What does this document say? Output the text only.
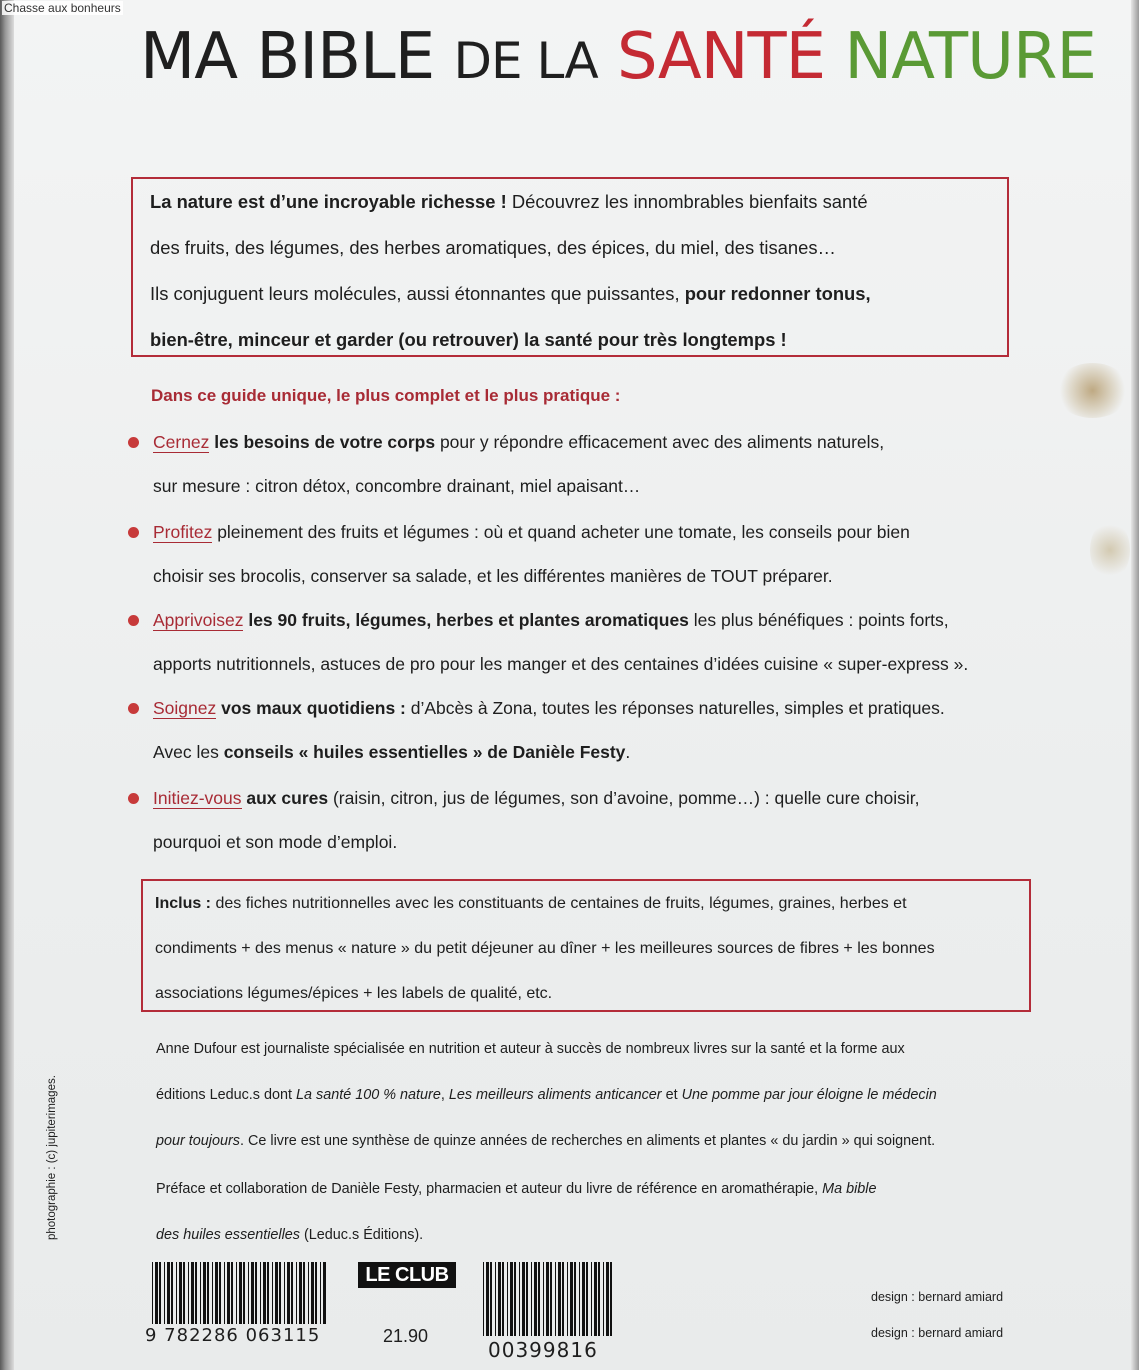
Chasse aux bonheurs
MA BIBLE DE LA SANTÉ NATURE

La nature est d’une incroyable richesse ! Découvrez les innombrables bienfaits santé
des fruits, des légumes, des herbes aromatiques, des épices, du miel, des tisanes…
Ils conjuguent leurs molécules, aussi étonnantes que puissantes, pour redonner tonus,
bien-être, minceur et garder (ou retrouver) la santé pour très longtemps !

Dans ce guide unique, le plus complet et le plus pratique :
Cernez les besoins de votre corps pour y répondre efficacement avec des aliments naturels,
sur mesure : citron détox, concombre drainant, miel apaisant…
Profitez pleinement des fruits et légumes : où et quand acheter une tomate, les conseils pour bien
choisir ses brocolis, conserver sa salade, et les différentes manières de TOUT préparer.
Apprivoisez les 90 fruits, légumes, herbes et plantes aromatiques les plus bénéfiques : points forts,
apports nutritionnels, astuces de pro pour les manger et des centaines d’idées cuisine « super-express ».
Soignez vos maux quotidiens : d’Abcès à Zona, toutes les réponses naturelles, simples et pratiques.
Avec les conseils « huiles essentielles » de Danièle Festy.
Initiez-vous aux cures (raisin, citron, jus de légumes, son d’avoine, pomme…) : quelle cure choisir,
pourquoi et son mode d’emploi.

Inclus : des fiches nutritionnelles avec les constituants de centaines de fruits, légumes, graines, herbes et
condiments + des menus « nature » du petit déjeuner au dîner + les meilleures sources de fibres + les bonnes
associations légumes/épices + les labels de qualité, etc.

Anne Dufour est journaliste spécialisée en nutrition et auteur à succès de nombreux livres sur la santé et la forme aux
éditions Leduc.s dont La santé 100 % nature, Les meilleurs aliments anticancer et Une pomme par jour éloigne le médecin
pour toujours. Ce livre est une synthèse de quinze années de recherches en aliments et plantes « du jardin » qui soignent.
Préface et collaboration de Danièle Festy, pharmacien et auteur du livre de référence en aromathérapie, Ma bible
des huiles essentielles (Leduc.s Éditions).
photographie : (c) jupiterimages.
9 782286 063115
LE CLUB
21.90
00399816
design : bernard amiard
design : bernard amiard
